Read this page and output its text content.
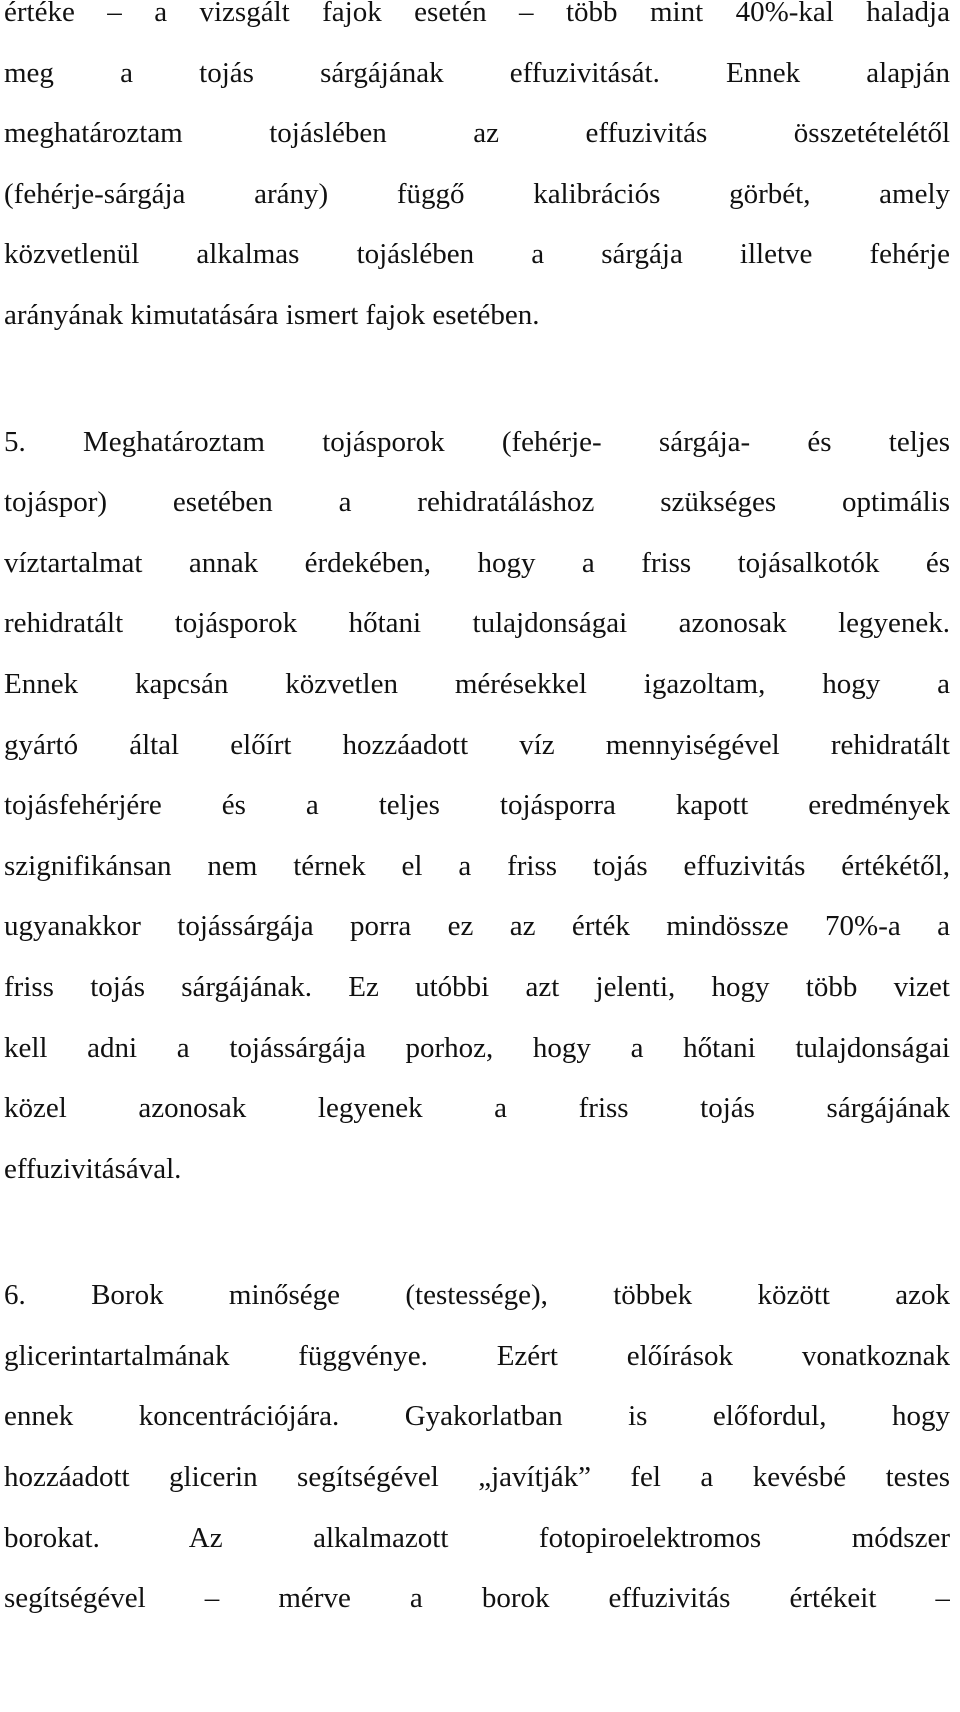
értéke – a vizsgált fajok esetén – több mint 40%-kal haladja
meg a tojás sárgájának effuzivitását. Ennek alapján
meghatároztam tojáslében az effuzivitás összetételétől
(fehérje-sárgája arány) függő kalibrációs görbét, amely
közvetlenül alkalmas tojáslében a sárgája illetve fehérje
arányának kimutatására ismert fajok esetében.
5. Meghatároztam tojásporok (fehérje- sárgája- és teljes
tojáspor) esetében a rehidratáláshoz szükséges optimális
víztartalmat annak érdekében, hogy a friss tojásalkotók és
rehidratált tojásporok hőtani tulajdonságai azonosak legyenek.
Ennek kapcsán közvetlen mérésekkel igazoltam, hogy a
gyártó által előírt hozzáadott víz mennyiségével rehidratált
tojásfehérjére és a teljes tojásporra kapott eredmények
szignifikánsan nem térnek el a friss tojás effuzivitás értékétől,
ugyanakkor tojássárgája porra ez az érték mindössze 70%-a a
friss tojás sárgájának. Ez utóbbi azt jelenti, hogy több vizet
kell adni a tojássárgája porhoz, hogy a hőtani tulajdonságai
közel azonosak legyenek a friss tojás sárgájának
effuzivitásával.
6. Borok minősége (testessége), többek között azok
glicerintartalmának függvénye. Ezért előírások vonatkoznak
ennek koncentrációjára. Gyakorlatban is előfordul, hogy
hozzáadott glicerin segítségével „javítják” fel a kevésbé testes
borokat. Az alkalmazott fotopiroelektromos módszer
segítségével – mérve a borok effuzivitás értékeit –
